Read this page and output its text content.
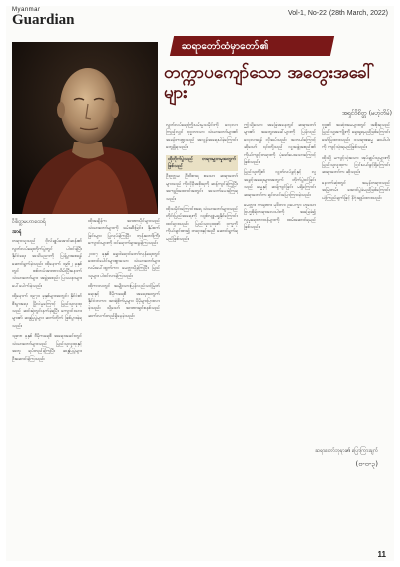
Myanmar
Guardian	Vol-1, No-22 (28th March, 2022)
ဝိစိတ္တမဟာထေရ်
ဆရာတော်ထံမှာတော်၏
တက္ကာပကျော်သော အတွေးအခေါ်များ
အရှင်ဝိစိတ္တ (မဟဲ့တိမ်)
အာရုံ

တရားသူသည် ဗိုလ်ချုပ်အောင်ဆန်း၏ လွတ်လပ်ရေးတိုက်ပွဲတွင် ပါဝင်ခဲ့ပြီး နိုင်ငံရေး အသိပညာကို ပြန့်ပွားစေရန် ဆောင်ရွက်ခဲ့သည်။ ထိုနောက် ၁၉၆၂ ခုနှစ်တွင် စစ်တပ်အာဏာသိမ်းပြီးနောက် သံဃာတော်များ အဖွဲ့အစည်း ပြဿနာများ ပေါ်ပေါက်ခဲ့သည်။

ထို့နောက် ၁၉၇၀ ခုနှစ်များအတွင်း နိုင်ငံ၏ စီးပွားရေး ပြိုလဲမှုကြောင့် ပြည်သူလူထုသည် ဆင်းရဲတွင်းနက်ခဲ့ရပြီး ကျောင်းသားများ၏ ဆန္ဒပြပွဲများ ဆက်တိုက် ဖြစ်ပွားခဲ့ရသည်။

၁၉၈၈ ခုနှစ် ဒီမိုကရေစီ အရေးအခင်းတွင် သံဃာတော်များသည် ပြည်သူလူထုနှင့်အတူ ရပ်တည်ခဲ့ကြပြီး ဆန္ဒပြပွဲများ ဦးဆောင်ခဲ့ကြသည်။

ထိုအချိန်က အာဏာပိုင်များသည် သံဃာတော်များကို ဖမ်းဆီးခြင်း၊ နှိပ်စက်ခြင်းများ ပြုလုပ်ခဲ့ကြပြီး ဘုန်းတော်ကြီးကျောင်းများကို ဝင်ရောက်ရှာဖွေခဲ့ကြသည်။

၂၀၀၇ ခုနှစ် ရွှေဝါရောင်တော်လှန်ရေးတွင် ထောင်ပေါင်းများစွာသော သံဃာတော်များ လမ်းပေါ်ထွက်ကာ မေတ္တာပို့ခဲ့ကြပြီး ပြည်သူများ ပါဝင်လာခဲ့ကြသည်။

ထိုကာလတွင် အမျိုးသားပြန်လည်သင့်မြတ်ရေးနှင့် ဒီမိုကရေစီ အရေးအတွက် နိုင်ငံတကာ အာရုံစိုက်မှုများ ပိုမိုများပြားလာခဲ့သည်။ သို့သော် အာဏာရှင်စနစ်သည် ဆက်လက်တည်ရှိနေခဲ့သည်။

လွတ်လပ်ရေးကြိုးပမ်းမှုသမိုင်းကို လေ့လာကြည့်လျှင် ဗုဒ္ဓဘာသာ သံဃာတော်များ၏ အခန်းကဏ္ဍသည် အလွန်အရေးပါခဲ့ကြောင်း တွေ့ရှိရသည်။

ထိုတိုက်ပွဲသည် တရားမျှတမှုအတွက် ဖြစ်သည်

ဦးဥတ္တမ၊ ဦးဝိစာရ စသော ဆရာတော်များသည် ကိုလိုနီအစိုးရကို ဆန့်ကျင်ခဲ့ကြပြီး အကျဉ်းထောင်အတွင်း အသက်ပေးခဲ့ကြရသည်။

ထိုသမိုင်းကြောင်းအရ သံဃာတော်များသည် တိုင်းပြည်အရေးကို လျစ်လျူမရှုနိုင်ကြောင်း ထင်ရှားသည်။ ပြည်သူလူထု၏ ဒုက္ခကို ကိုယ်ချင်းစာ၍ တရားနှင့်အညီ ဆောင်ရွက်ရမည်ဖြစ်သည်။

ဤသို့သော အခြေအနေတွင် ဆရာတော်များ၏ အတွေးအခေါ်များကို ပြန်လည်လေ့လာရန် လိုအပ်သည်။ အဘယ်ကြောင့်ဆိုသော် ၎င်းတို့သည် လူ့အဖွဲ့အစည်း၏ ကိုယ်ကျင့်တရားကို ပုံဖော်ပေးသောကြောင့် ဖြစ်သည်။

ပြည်သူတို့၏ လွတ်လပ်ခွင့်နှင့် လူ့အခွင့်အရေးများအတွက် တိုက်ပွဲဝင်ခြင်းသည် ဓမ္မနှင့် ဆန့်ကျင်ခြင်း မရှိကြောင်း ဆရာတော်က ရှင်းလင်းပြောကြားခဲ့သည်။

မေတ္တာ၊ ကရုဏာ၊ မုဒိတာ၊ ဥပေက္ခာ ဟူသော ဗြဟ္မစိုရ်တရားလေးပါးကို အခြေခံ၍ လူမှုရေးတာဝန်များကို ထမ်းဆောင်ရမည်ဖြစ်သည်။

ဗုဒ္ဓ၏ အဆုံးအမများတွင် အစိုးရသည် ပြည်သူ့အကျိုးကို ရှေးရှုရမည်ဖြစ်ကြောင်း ဖော်ပြထားသည်။ ဒသရာဇဓမ္မ ဆယ်ပါးကို ကျင့်သုံးရမည်ဖြစ်သည်။

ထိုသို့ မကျင့်သုံးသော အုပ်ချုပ်သူများကို ပြည်သူလူထုက ငြင်းပယ်ခွင့်ရှိကြောင်း ဆရာတော်က ဆိုသည်။

နောက်ဆုံးတွင် အမှန်တရားသည် အမြဲတမ်း အောင်ပွဲခံမည်ဖြစ်ကြောင်း ယုံကြည်ချက်ဖြင့် နိဂုံးချုပ်ထားသည်။

ဆရာတော်ဘုရား၏ ပြောကြားချက်
(ဗ-ဗ-၃)
11
